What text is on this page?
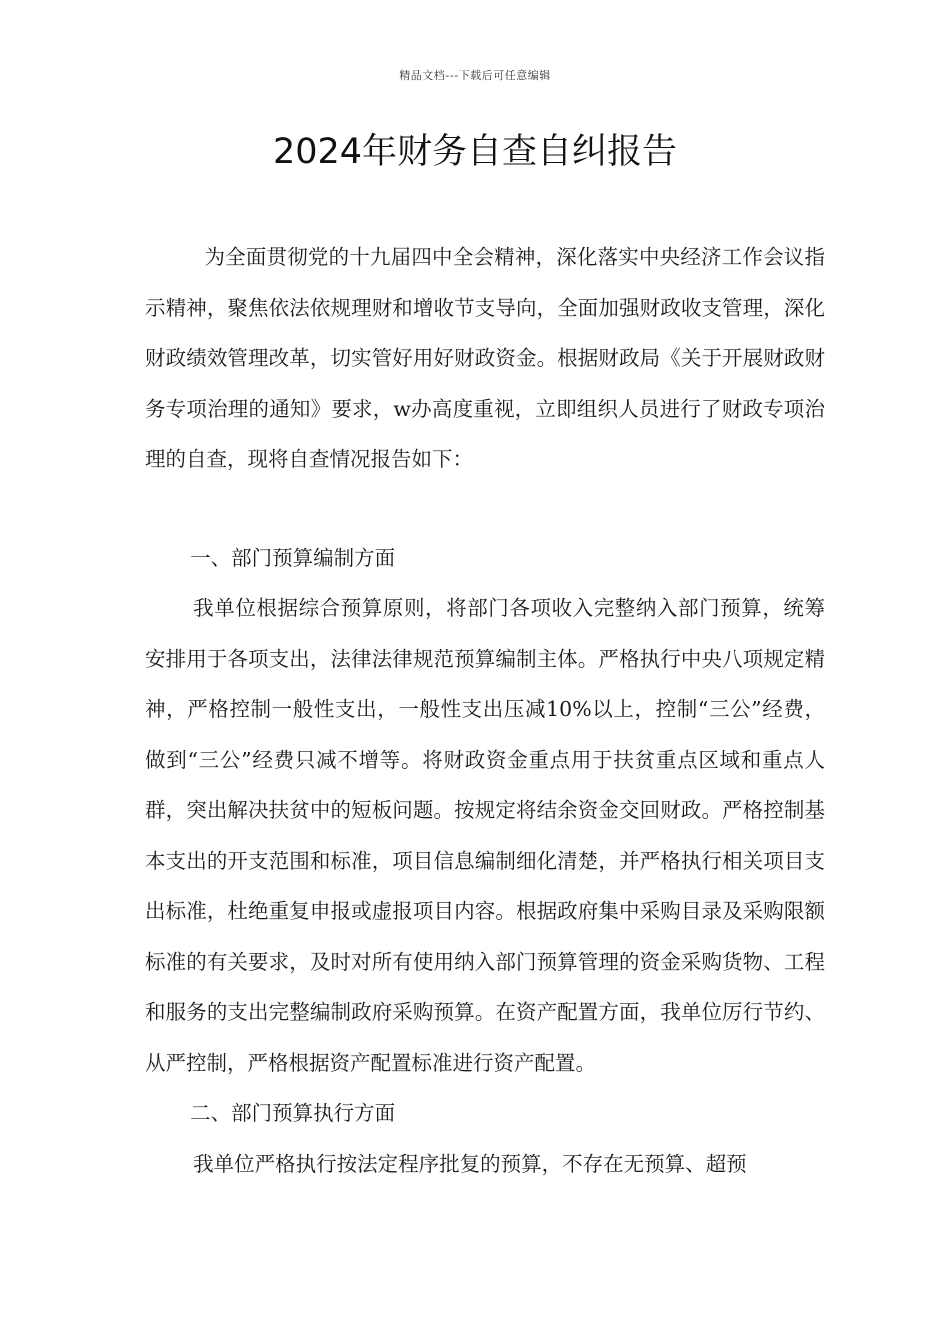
精品文档---下载后可任意编辑
2024年财务自查自纠报告

为全面贯彻党的十九届四中全会精神，深化落实中央经济工作会议指示精神，聚焦依法依规理财和增收节支导向，全面加强财政收支管理，深化财政绩效管理改革，切实管好用好财政资金。根据财政局《关于开展财政财务专项治理的通知》要求，w办高度重视，立即组织人员进行了财政专项治理的自查，现将自查情况报告如下：

一、部门预算编制方面

我单位根据综合预算原则，将部门各项收入完整纳入部门预算，统筹安排用于各项支出，法律法律规范预算编制主体。严格执行中央八项规定精神，严格控制一般性支出，一般性支出压减10%以上，控制“三公”经费，做到“三公”经费只减不增等。将财政资金重点用于扶贫重点区域和重点人群，突出解决扶贫中的短板问题。按规定将结余资金交回财政。严格控制基本支出的开支范围和标准，项目信息编制细化清楚，并严格执行相关项目支出标准，杜绝重复申报或虚报项目内容。根据政府集中采购目录及采购限额标准的有关要求，及时对所有使用纳入部门预算管理的资金采购货物、工程和服务的支出完整编制政府采购预算。在资产配置方面，我单位厉行节约、从严控制，严格根据资产配置标准进行资产配置。

二、部门预算执行方面

我单位严格执行按法定程序批复的预算，不存在无预算、超预
